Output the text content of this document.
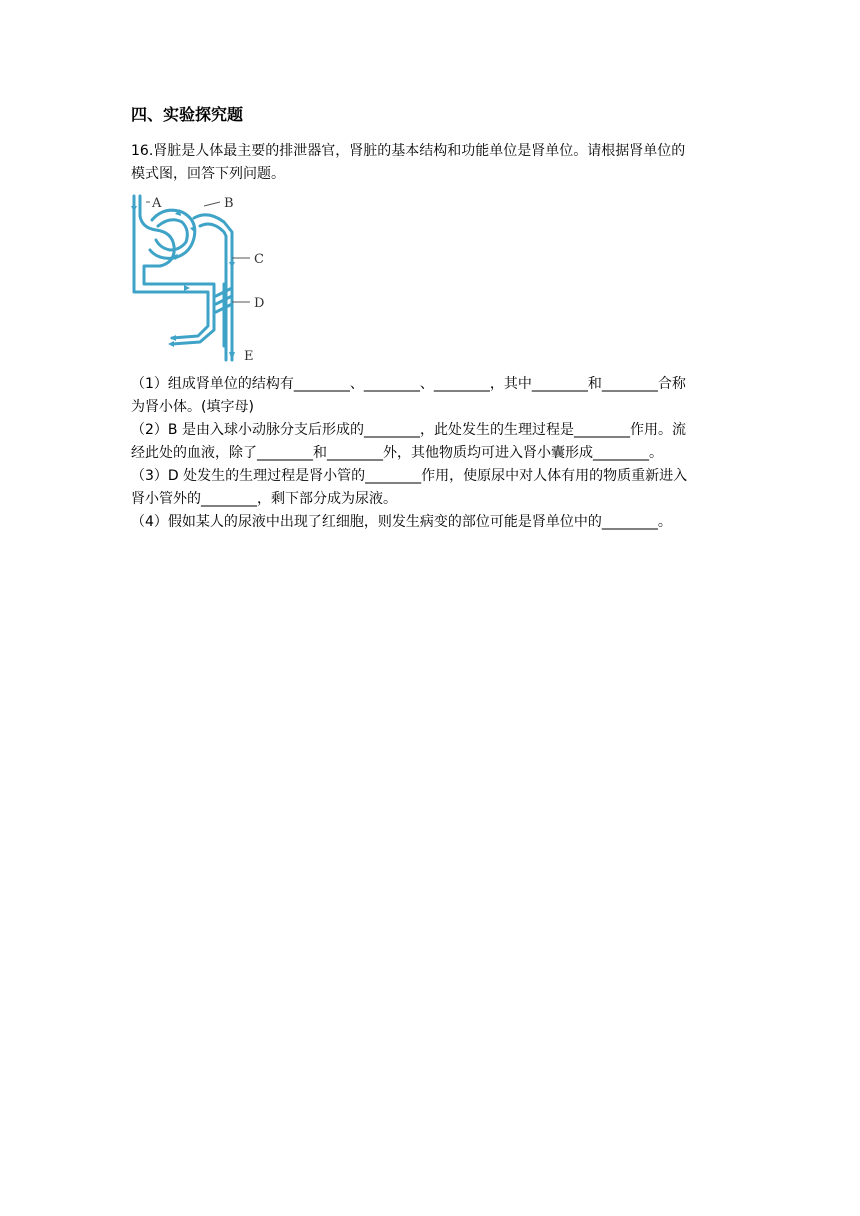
四、实验探究题
16.肾脏是人体最主要的排泄器官，肾脏的基本结构和功能单位是肾单位。请根据肾单位的
模式图，回答下列问题。
A	B
C
D
E
（1）组成肾单位的结构有________、________、________，其中________和________合称
为肾小体。(填字母)
（2）B 是由入球小动脉分支后形成的________，此处发生的生理过程是________作用。流
经此处的血液，除了________和________外，其他物质均可进入肾小囊形成________。
（3）D 处发生的生理过程是肾小管的________作用，使原尿中对人体有用的物质重新进入
肾小管外的________，剩下部分成为尿液。
（4）假如某人的尿液中出现了红细胞，则发生病变的部位可能是肾单位中的________。
